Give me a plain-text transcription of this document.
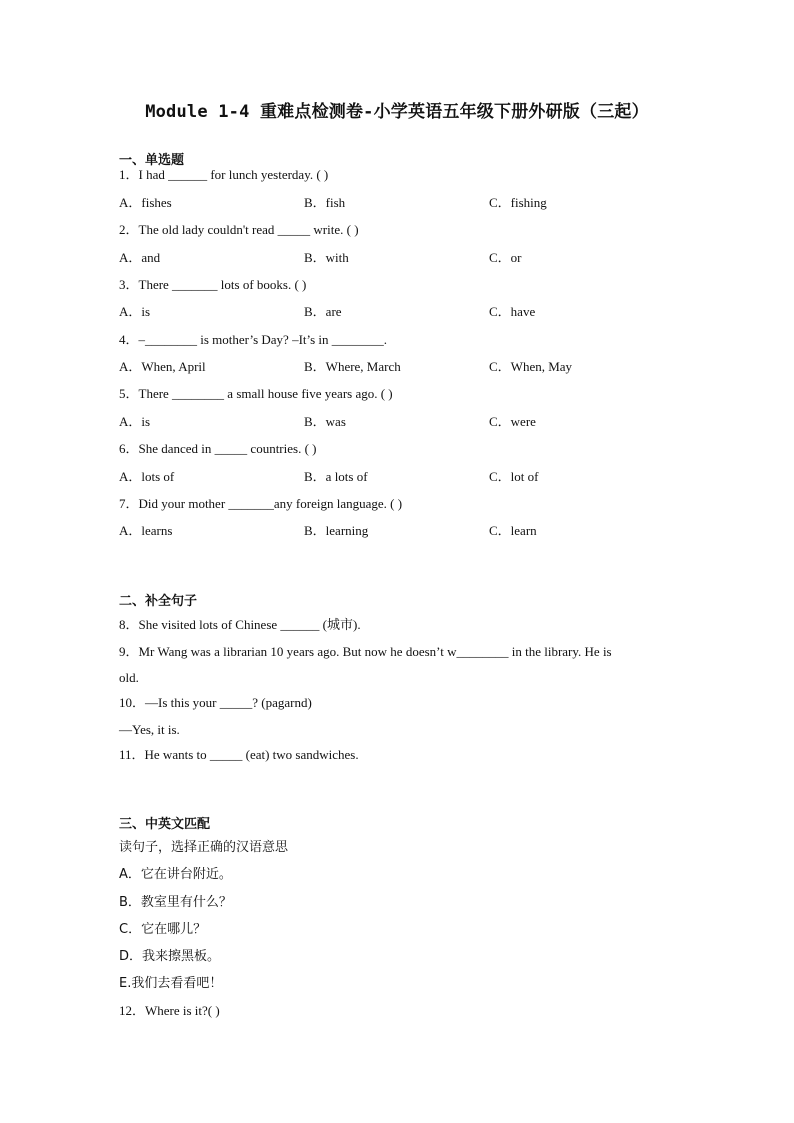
Module 1-4 重难点检测卷-小学英语五年级下册外研版（三起）
一、单选题
1．I had ______ for lunch yesterday. ( )
A．fishes	B．fish	C．fishing
2．The old lady couldn't read _____ write. ( )
A．and	B．with	C．or
3．There _______ lots of books. ( )
A．is	B．are	C．have
4．–________ is mother’s Day? –It’s in ________.
A．When, April	B．Where, March	C．When, May
5．There ________ a small house five years ago. ( )
A．is	B．was	C．were
6．She danced in _____ countries. ( )
A．lots of	B．a lots of	C．lot of
7．Did your mother _______any foreign language. ( )
A．learns	B．learning	C．learn
二、补全句子
8．She visited lots of Chinese ______ (城市).
9．Mr Wang was a librarian 10 years ago. But now he doesn’t w________ in the library. He is
old.
10．—Is this your _____? (pagarnd)
—Yes, it is.
11．He wants to _____ (eat) two sandwiches.
三、中英文匹配
读句子，选择正确的汉语意思
A．它在讲台附近。
B．教室里有什么？
C．它在哪儿？
D．我来擦黑板。
E.我们去看看吧！
12．Where is it?( )
